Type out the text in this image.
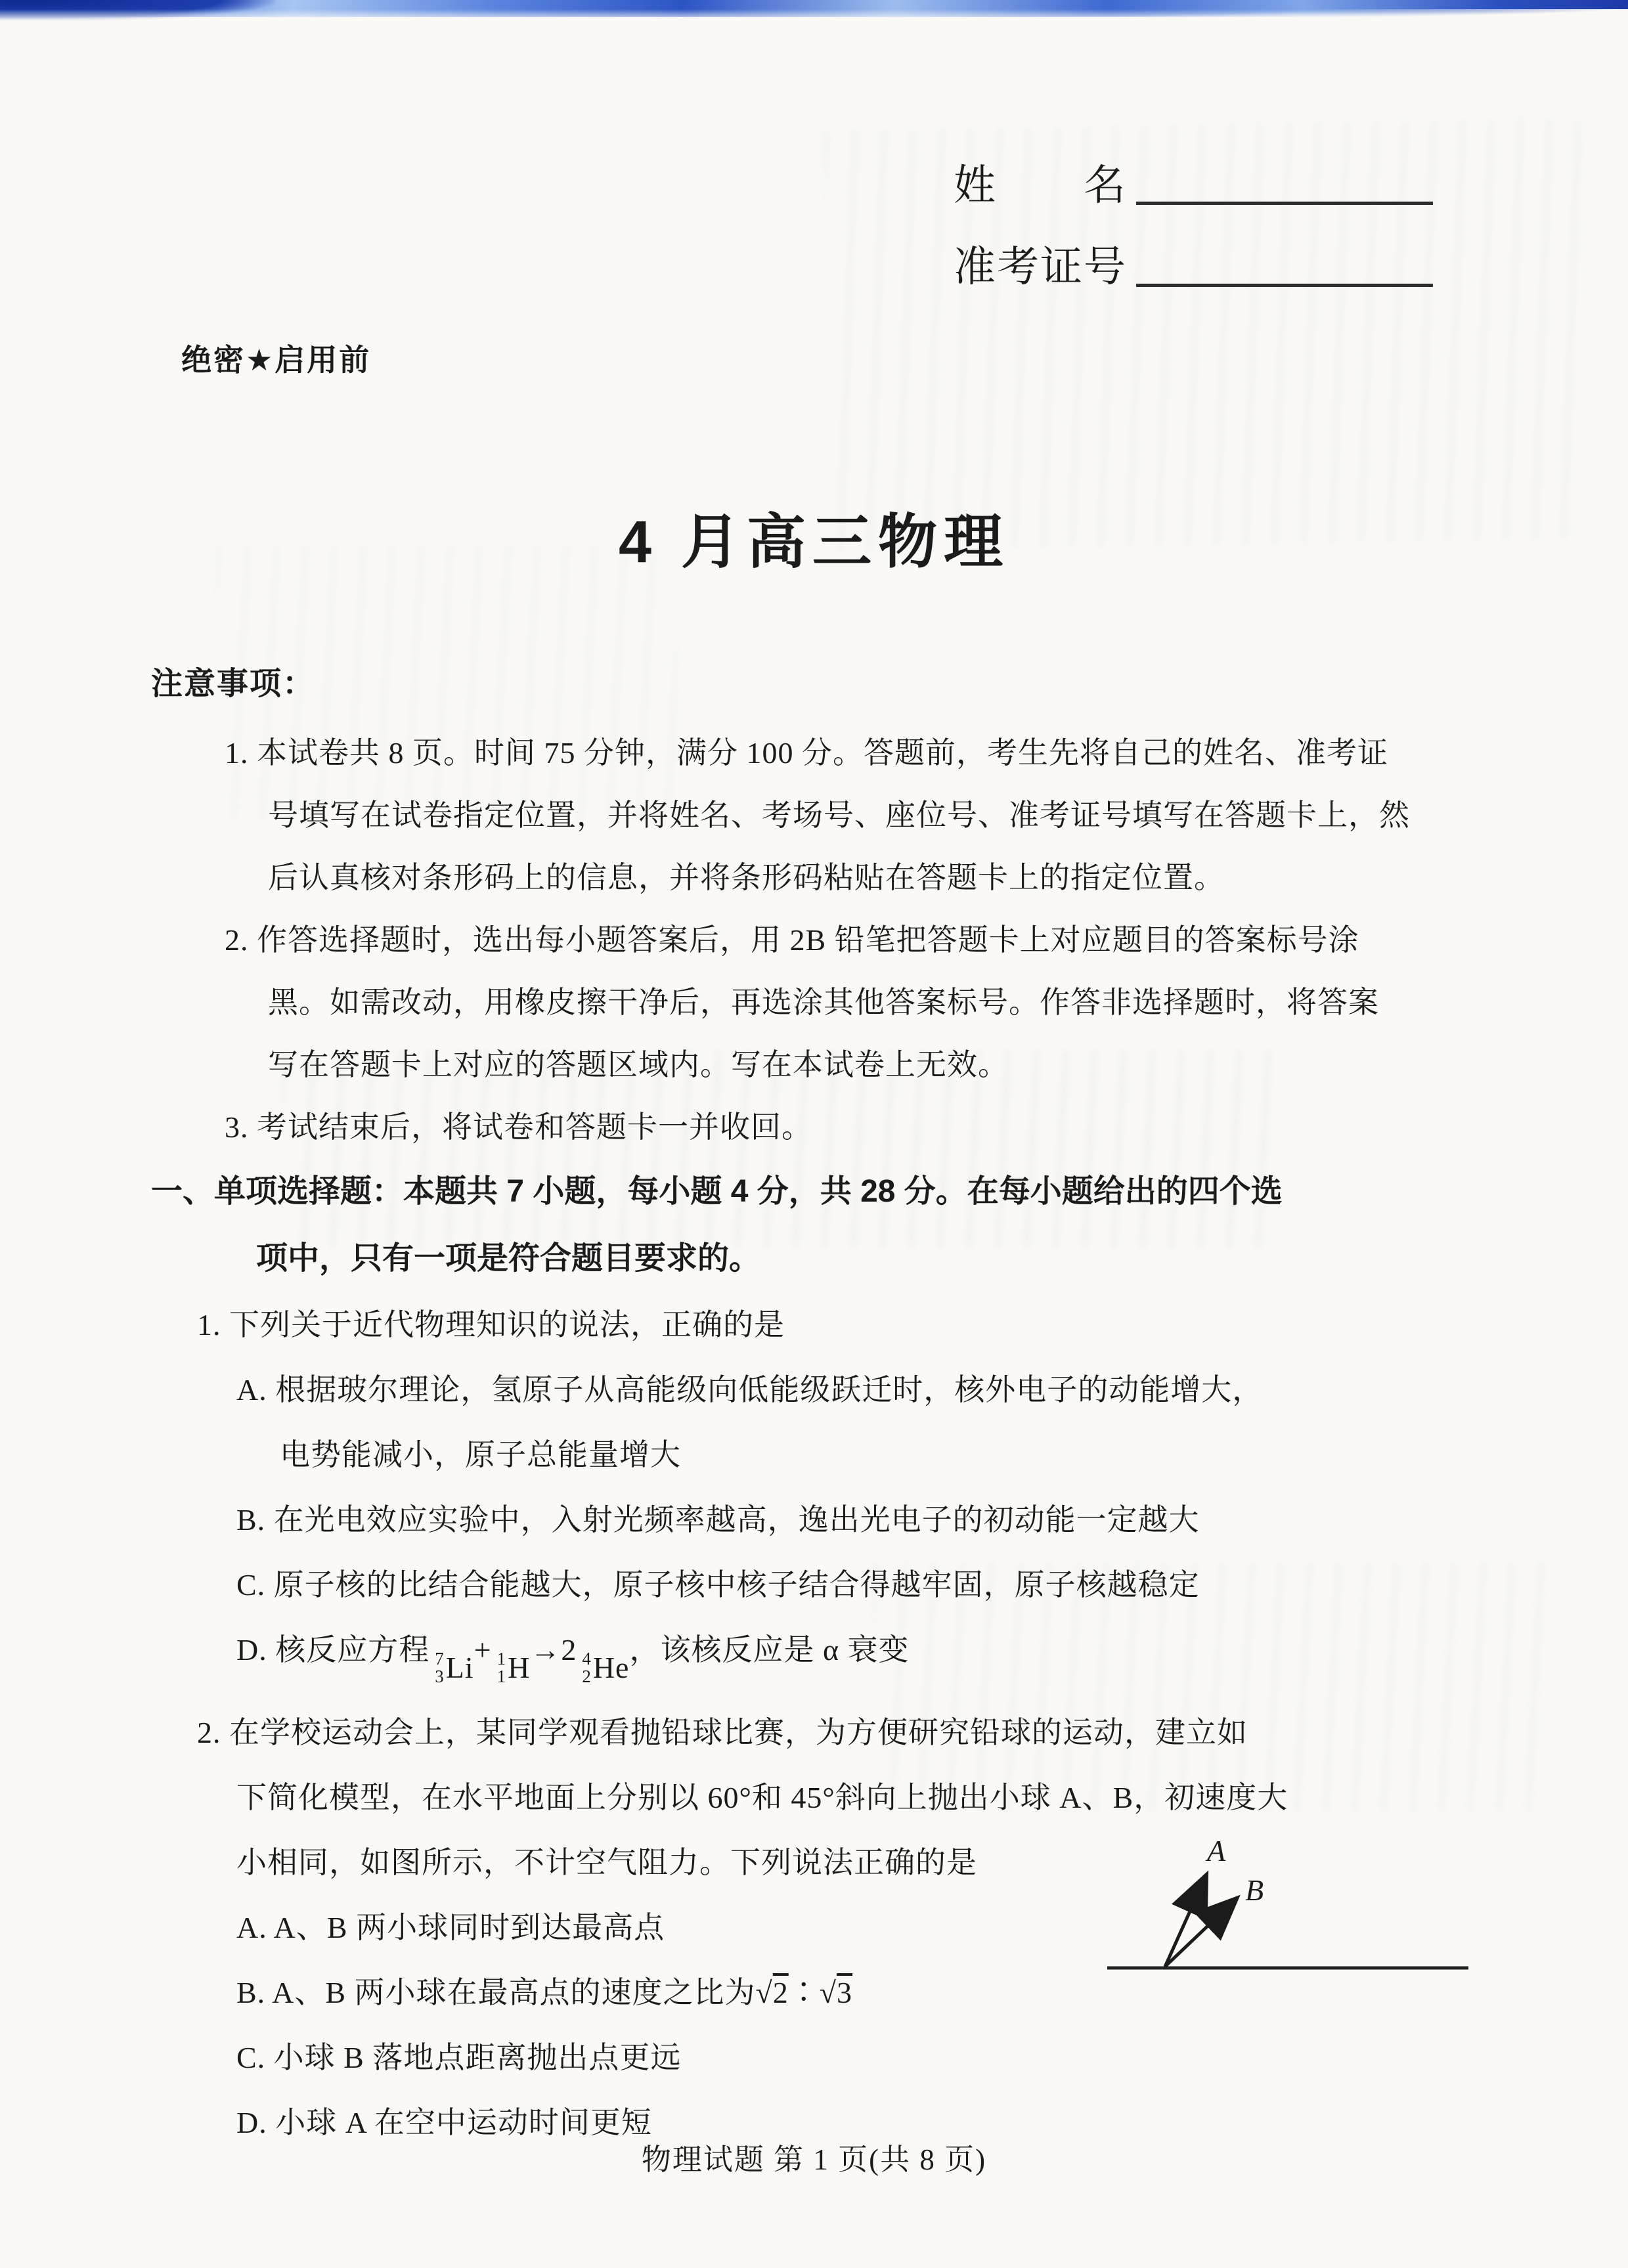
姓　　名
准考证号
绝密★启用前
4 月高三物理
注意事项：
1. 本试卷共 8 页。时间 75 分钟，满分 100 分。答题前，考生先将自己的姓名、准考证
号填写在试卷指定位置，并将姓名、考场号、座位号、准考证号填写在答题卡上，然
后认真核对条形码上的信息，并将条形码粘贴在答题卡上的指定位置。
2. 作答选择题时，选出每小题答案后，用 2B 铅笔把答题卡上对应题目的答案标号涂
黑。如需改动，用橡皮擦干净后，再选涂其他答案标号。作答非选择题时，将答案
写在答题卡上对应的答题区域内。写在本试卷上无效。
3. 考试结束后，将试卷和答题卡一并收回。
一、单项选择题：本题共 7 小题，每小题 4 分，共 28 分。在每小题给出的四个选
项中，只有一项是符合题目要求的。
1. 下列关于近代物理知识的说法，正确的是
A. 根据玻尔理论，氢原子从高能级向低能级跃迁时，核外电子的动能增大，
电势能减小，原子总能量增大
B. 在光电效应实验中，入射光频率越高，逸出光电子的初动能一定越大
C. 原子核的比结合能越大，原子核中核子结合得越牢固，原子核越稳定
D. 核反应方程 7
3 Li
+ 1
1 H
→2 4
2 He
，该核反应是 α 衰变
2. 在学校运动会上，某同学观看抛铅球比赛，为方便研究铅球的运动，建立如
下简化模型，在水平地面上分别以 60°和 45°斜向上抛出小球 A、B，初速度大
小相同，如图所示，不计空气阻力。下列说法正确的是
A. A、B 两小球同时到达最高点
B. A、B 两小球在最高点的速度之比为√2∶√3
C. 小球 B 落地点距离抛出点更远
D. 小球 A 在空中运动时间更短
A
B
物理试题 第 1 页(共 8 页)
